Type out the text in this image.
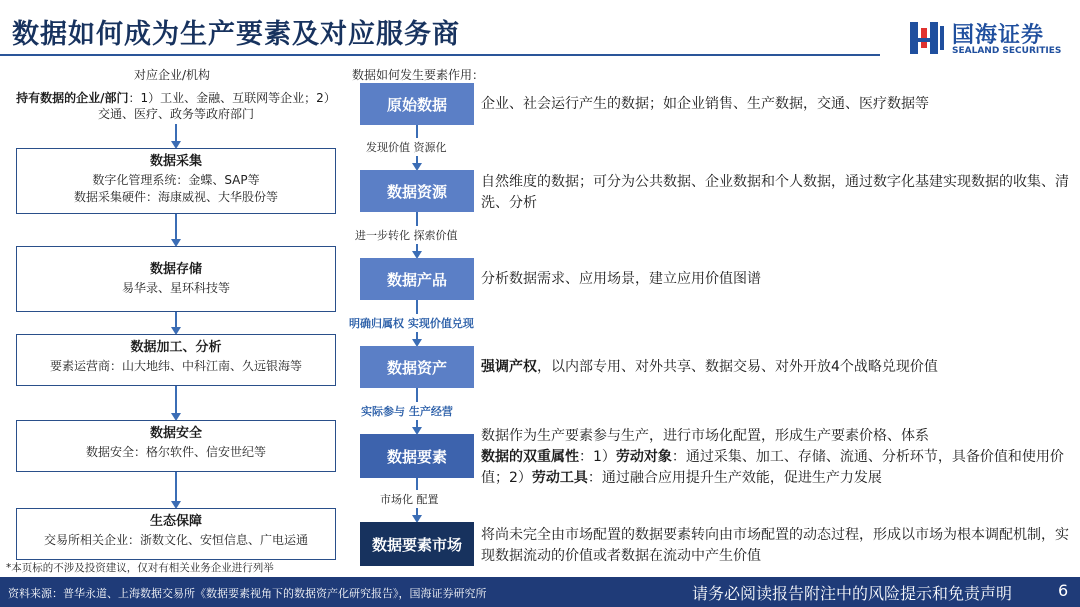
数据如何成为生产要素及对应服务商	国海证券
SEALAND SECURITIES
对应企业/机构
持有数据的企业/部门：1）工业、金融、互联网等企业；2）交通、医疗、政务等政府部门
数据采集
数字化管理系统：金蝶、SAP等
数据采集硬件：海康威视、大华股份等
数据存储
易华录、星环科技等
数据加工、分析
要素运营商：山大地纬、中科江南、久远银海等
数据安全
数据安全：格尔软件、信安世纪等
生态保障
交易所相关企业：浙数文化、安恒信息、广电运通
数据如何发生要素作用：
原始数据
发现价值 资源化
数据资源
进一步转化 探索价值
数据产品
明确归属权 实现价值兑现
数据资产
实际参与 生产经营
数据要素
市场化 配置
数据要素市场
企业、社会运行产生的数据；如企业销售、生产数据，交通、医疗数据等
自然维度的数据；可分为公共数据、企业数据和个人数据，通过数字化基建实现数据的收集、清洗、分析
分析数据需求、应用场景，建立应用价值图谱
强调产权，以内部专用、对外共享、数据交易、对外开放4个战略兑现价值
数据作为生产要素参与生产，进行市场化配置，形成生产要素价格、体系
数据的双重属性：1）劳动对象：通过采集、加工、存储、流通、分析环节，具备价值和使用价值；2）劳动工具：通过融合应用提升生产效能，促进生产力发展
将尚未完全由市场配置的数据要素转向由市场配置的动态过程，形成以市场为根本调配机制，实现数据流动的价值或者数据在流动中产生价值
*本页标的不涉及投资建议，仅对有相关业务企业进行列举
资料来源：普华永道、上海数据交易所《数据要素视角下的数据资产化研究报告》，国海证券研究所	请务必阅读报告附注中的风险提示和免责声明	6
